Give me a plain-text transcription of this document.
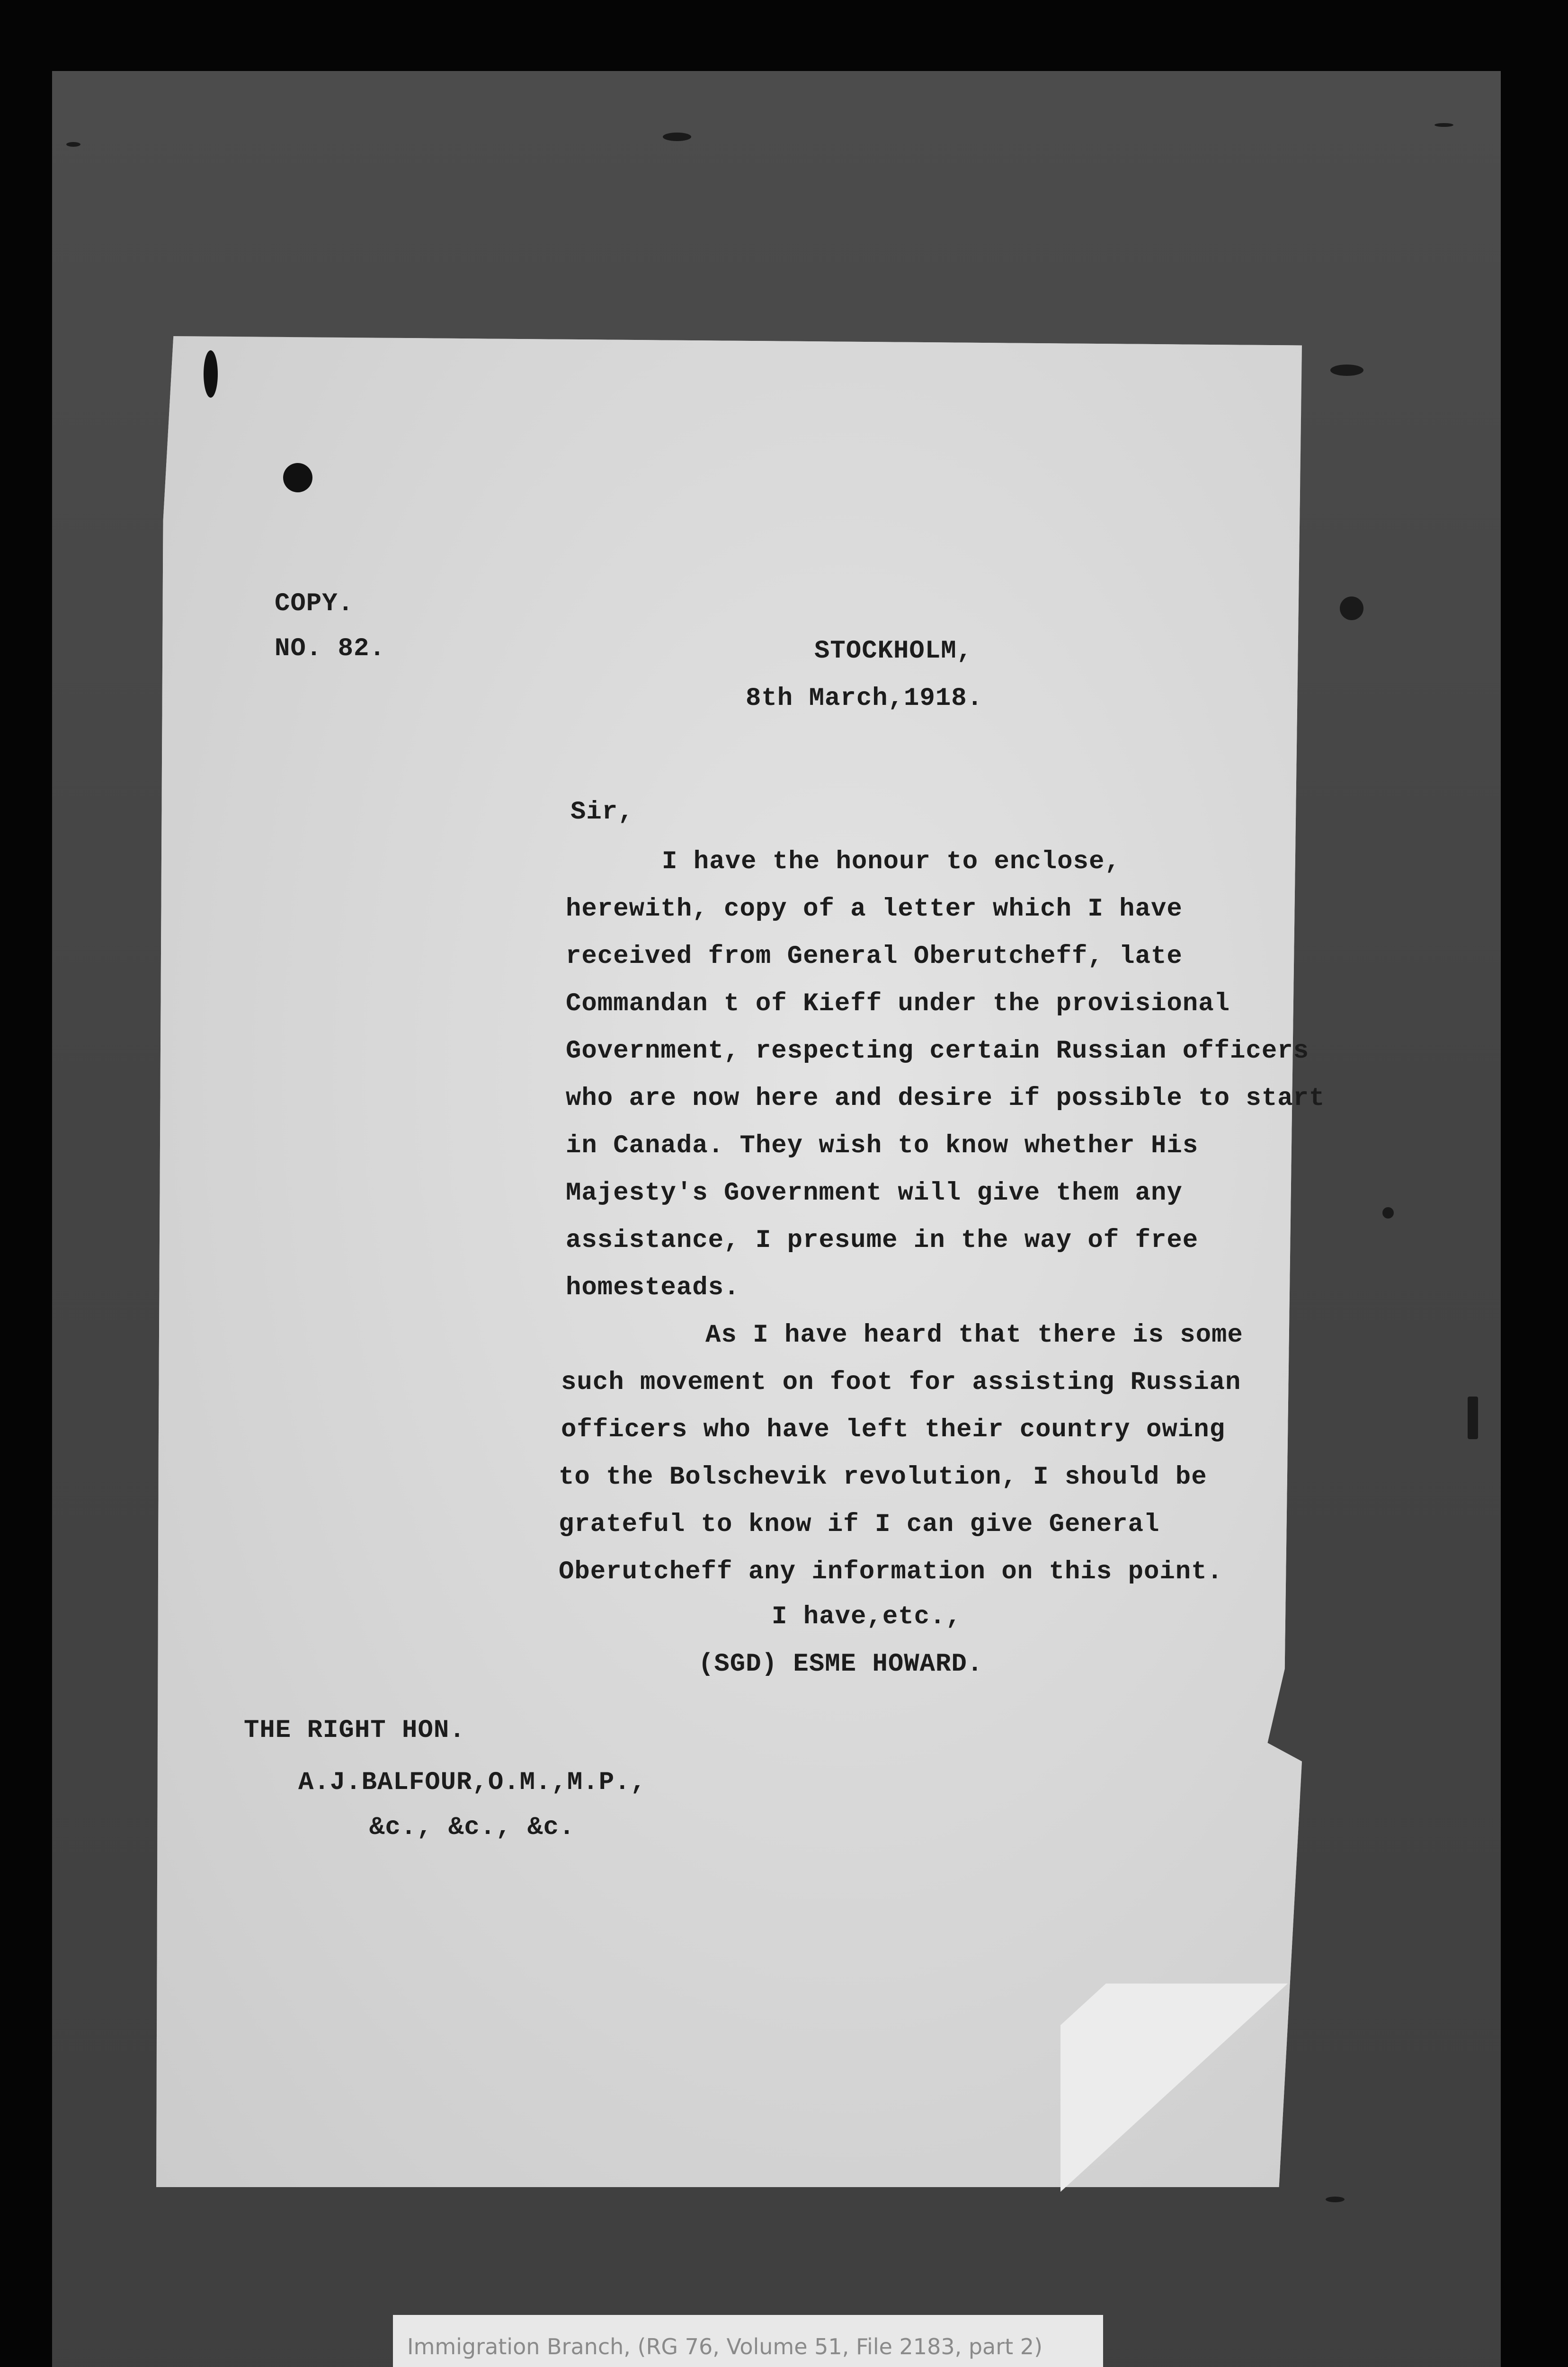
COPY.
NO. 82.	STOCKHOLM,
8th March,1918.
Sir,
I have the honour to enclose,
herewith, copy of a letter which I have
received from General Oberutcheff, late
Commandan t of Kieff under the provisional
Government, respecting certain Russian officers
who are now here and desire if possible to start
in Canada. They wish to know whether His
Majesty's Government will give them any
assistance, I presume in the way of free
homesteads.
As I have heard that there is some
such movement on foot for assisting Russian
officers who have left their country owing
to the Bolschevik revolution, I should be
grateful to know if I can give General
Oberutcheff any information on this point.
I have,etc.,
(SGD) ESME HOWARD.
THE RIGHT HON.
A.J.BALFOUR,O.M.,M.P.,
&c., &c., &c.
Immigration Branch, (RG 76, Volume 51, File 2183, part 2)
